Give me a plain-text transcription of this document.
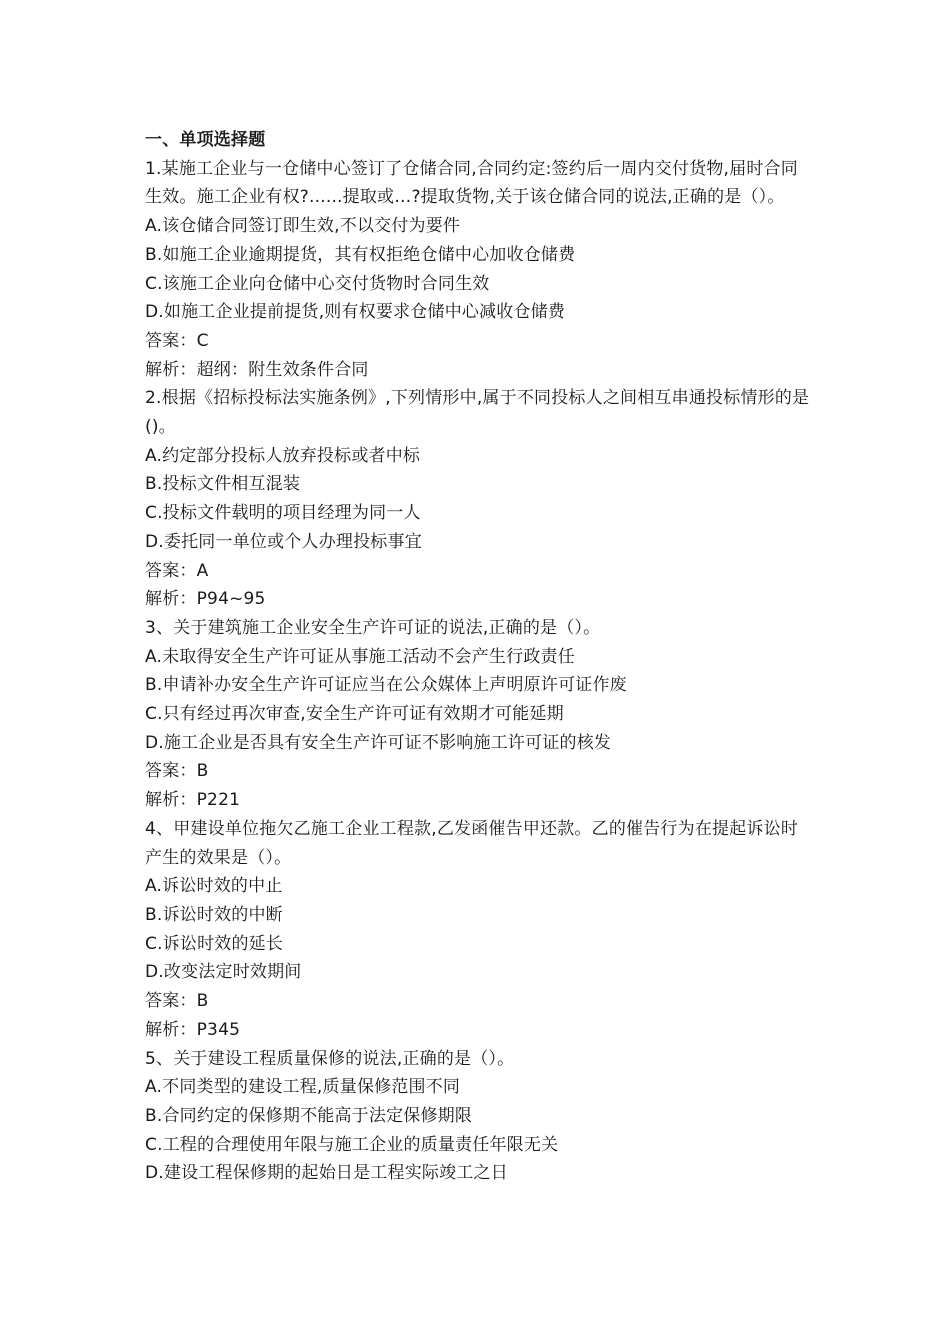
一、单项选择题
1.某施工企业与一仓储中心签订了仓储合同,合同约定:签约后一周内交付货物,届时合同生效。施工企业有权?......提取或…?提取货物,关于该仓储合同的说法,正确的是（）。
A.该仓储合同签订即生效,不以交付为要件
B.如施工企业逾期提货，其有权拒绝仓储中心加收仓储费
C.该施工企业向仓储中心交付货物时合同生效
D.如施工企业提前提货,则有权要求仓储中心减收仓储费
答案：C
解析：超纲：附生效条件合同
2.根据《招标投标法实施条例》,下列情形中,属于不同投标人之间相互串通投标情形的是()。
A.约定部分投标人放弃投标或者中标
B.投标文件相互混装
C.投标文件载明的项目经理为同一人
D.委托同一单位或个人办理投标事宜
答案：A
解析：P94~95
3、关于建筑施工企业安全生产许可证的说法,正确的是（）。
A.未取得安全生产许可证从事施工活动不会产生行政责任
B.申请补办安全生产许可证应当在公众媒体上声明原许可证作废
C.只有经过再次审查,安全生产许可证有效期才可能延期
D.施工企业是否具有安全生产许可证不影响施工许可证的核发
答案：B
解析：P221
4、甲建设单位拖欠乙施工企业工程款,乙发函催告甲还款。乙的催告行为在提起诉讼时产生的效果是（）。
A.诉讼时效的中止
B.诉讼时效的中断
C.诉讼时效的延长
D.改变法定时效期间
答案：B
解析：P345
5、关于建设工程质量保修的说法,正确的是（）。
A.不同类型的建设工程,质量保修范围不同
B.合同约定的保修期不能高于法定保修期限
C.工程的合理使用年限与施工企业的质量责任年限无关
D.建设工程保修期的起始日是工程实际竣工之日
